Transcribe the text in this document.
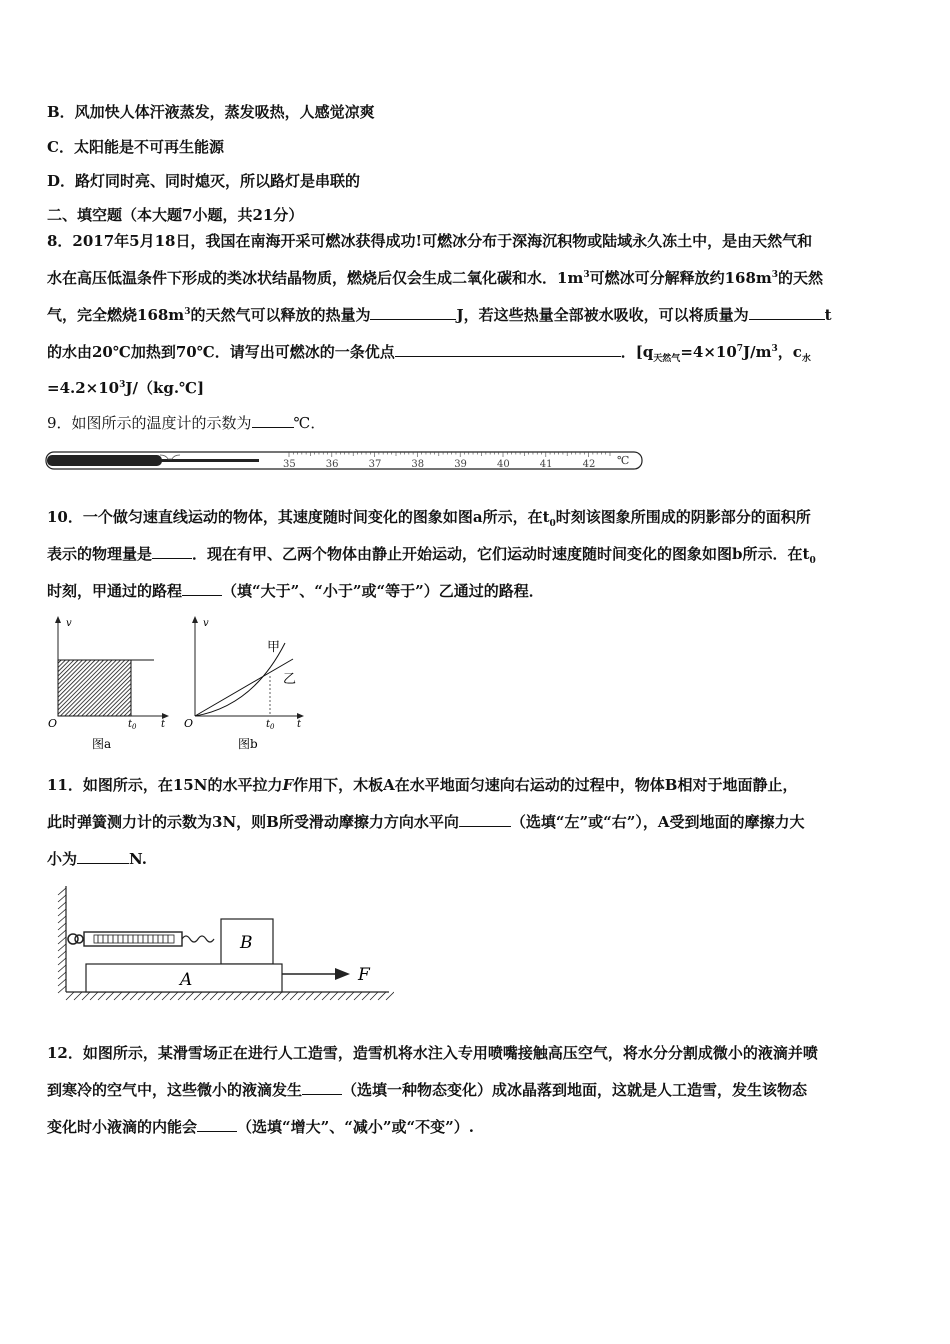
B．风加快人体汗液蒸发，蒸发吸热，人感觉凉爽
C．太阳能是不可再生能源
D．路灯同时亮、同时熄灭，所以路灯是串联的
二、填空题（本大题7小题，共21分）
8．2017年5月18日，我国在南海开采可燃冰获得成功!可燃冰分布于深海沉积物或陆域永久冻土中，是由天然气和
水在高压低温条件下形成的类冰状结晶物质，燃烧后仅会生成二氧化碳和水．$1m^3$可燃冰可分解释放约$168m^3$的天然
气，完全燃烧$168m^3$的天然气可以释放的热量为	J，若这些热量全部被水吸收，可以将质量为	t
的水由20℃加热到70℃．请写出可燃冰的一条优点	．[$q_{天然气}=4\times 10^7J/m^3$，$c_水$
$=4.2\times 10^3J/(kg.℃]$
9．如图所示的温度计的示数为	℃．
35	36	37	38	39	40	41	42 ℃
10．一个做匀速直线运动的物体，其速度随时间变化的图象如图a所示，在$t_0$时刻该图象所围成的阴影部分的面积所
表示的物理量是	．现在有甲、乙两个物体由静止开始运动，它们运动时速度随时间变化的图象如图b所示．在$t_0$
时刻，甲通过的路程	（填“大于”、“小于”或“等于”）乙通过的路程．
v
O	$t_0$ t
图a
v
O	$t_0$ t
甲
乙
图b
11．如图所示，在15N的水平拉力F作用下，木板A在水平地面匀速向右运动的过程中，物体B相对于地面静止，
此时弹簧测力计的示数为3N，则B所受滑动摩擦力方向水平向	（选填“左”或“右”），A受到地面的摩擦力大
小为	N.
B
A	F
12．如图所示，某滑雪场正在进行人工造雪，造雪机将水注入专用喷嘴接触高压空气，将水分分割成微小的液滴并喷
到寒冷的空气中，这些微小的液滴发生	（选填一种物态变化）成冰晶落到地面，这就是人工造雪，发生该物态
变化时小液滴的内能会	（选填“增大”、“减小”或“不变”）.
